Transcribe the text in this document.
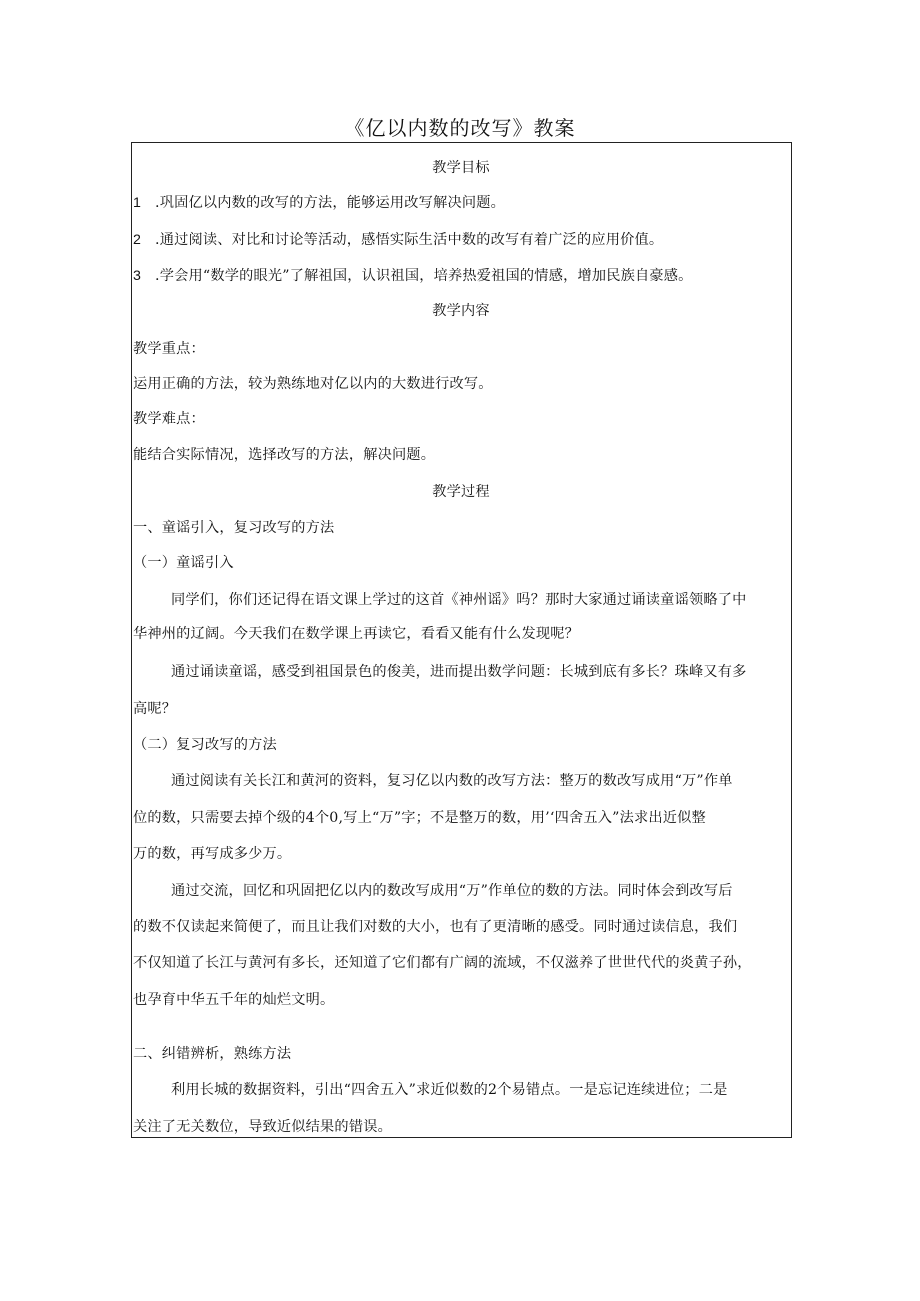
《亿以内数的改写》教案
教学目标
1 .巩固亿以内数的改写的方法，能够运用改写解决问题。
2 .通过阅读、对比和讨论等活动，感悟实际生活中数的改写有着广泛的应用价值。
3 .学会用“数学的眼光”了解祖国，认识祖国，培养热爱祖国的情感，增加民族自豪感。
教学内容
教学重点：
运用正确的方法，较为熟练地对亿以内的大数进行改写。
教学难点：
能结合实际情况，选择改写的方法，解决问题。
教学过程
一、童谣引入，复习改写的方法
（一）童谣引入
同学们，你们还记得在语文课上学过的这首《神州谣》吗？那时大家通过诵读童谣领略了中
华神州的辽阔。今天我们在数学课上再读它，看看又能有什么发现呢？
通过诵读童谣，感受到祖国景色的俊美，进而提出数学问题：长城到底有多长？珠峰又有多
高呢？
（二）复习改写的方法
通过阅读有关长江和黄河的资料，复习亿以内数的改写方法：整万的数改写成用“万”作单
位的数，只需要去掉个级的4个0,写上“万”字；不是整万的数，用’‘四舍五入”法求出近似整
万的数，再写成多少万。
通过交流，回忆和巩固把亿以内的数改写成用“万”作单位的数的方法。同时体会到改写后
的数不仅读起来简便了，而且让我们对数的大小，也有了更清晰的感受。同时通过读信息，我们
不仅知道了长江与黄河有多长，还知道了它们都有广阔的流域，不仅滋养了世世代代的炎黄子孙，
也孕育中华五千年的灿烂文明。
二、纠错辨析，熟练方法
利用长城的数据资料，引出“四舍五入”求近似数的2个易错点。一是忘记连续进位；二是
关注了无关数位，导致近似结果的错误。
